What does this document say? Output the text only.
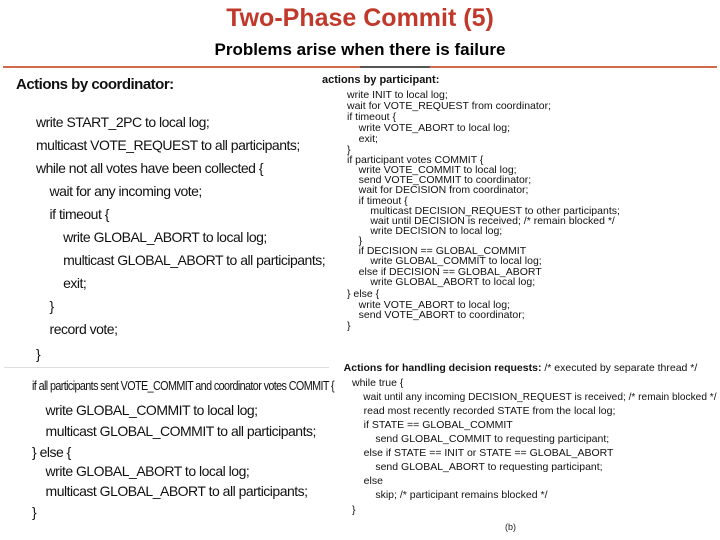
Two-Phase Commit (5)
Problems arise when there is failure
Actions by coordinator:
write START_2PC to local log;
multicast VOTE_REQUEST to all participants;
while not all votes have been collected {
wait for any incoming vote;
if timeout {
write GLOBAL_ABORT to local log;
multicast GLOBAL_ABORT to all participants;
exit;
}
record vote;
}
if all participants sent VOTE_COMMIT and coordinator votes COMMIT {
write GLOBAL_COMMIT to local log;
multicast GLOBAL_COMMIT to all participants;
} else {
write GLOBAL_ABORT to local log;
multicast GLOBAL_ABORT to all participants;
}
actions by participant:
write INIT to local log;
wait for VOTE_REQUEST from coordinator;
if timeout {
write VOTE_ABORT to local log;
exit;
}
if participant votes COMMIT {
write VOTE_COMMIT to local log;
send VOTE_COMMIT to coordinator;
wait for DECISION from coordinator;
if timeout {
multicast DECISION_REQUEST to other participants;
wait until DECISION is received; /* remain blocked */
write DECISION to local log;
}
if DECISION == GLOBAL_COMMIT
write GLOBAL_COMMIT to local log;
else if DECISION == GLOBAL_ABORT
write GLOBAL_ABORT to local log;
} else {
write VOTE_ABORT to local log;
send VOTE_ABORT to coordinator;
}

Actions for handling decision requests: /* executed by separate thread */

while true {
wait until any incoming DECISION_REQUEST is received; /* remain blocked */
read most recently recorded STATE from the local log;
if STATE == GLOBAL_COMMIT
send GLOBAL_COMMIT to requesting participant;
else if STATE == INIT or STATE == GLOBAL_ABORT
send GLOBAL_ABORT to requesting participant;
else
skip; /* participant remains blocked */
}
(b)
